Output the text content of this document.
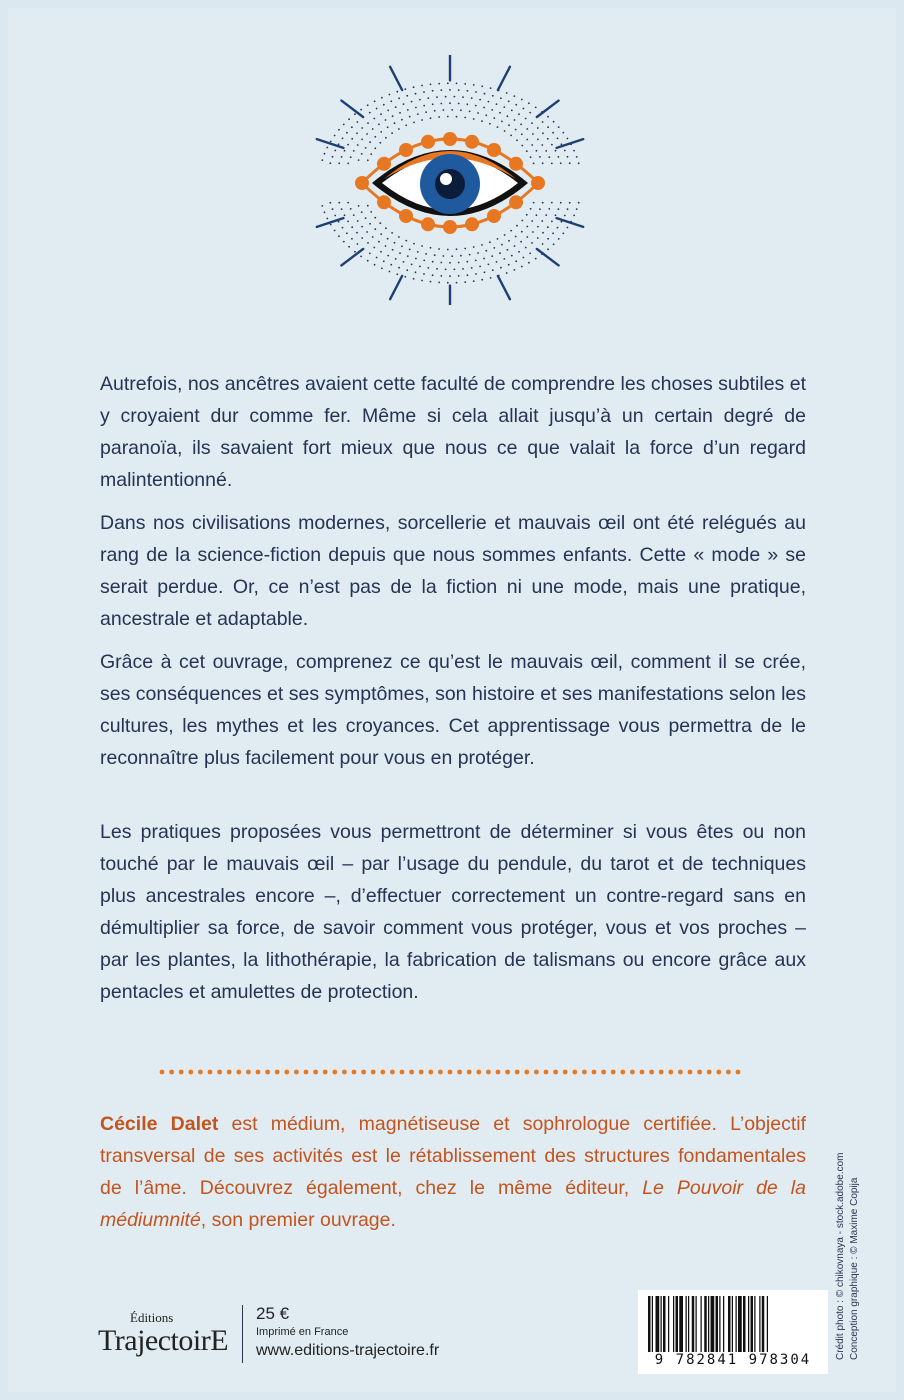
Autrefois, nos ancêtres avaient cette faculté de comprendre les choses subtiles et y croyaient dur comme fer. Même si cela allait jusqu’à un certain degré de paranoïa, ils savaient fort mieux que nous ce que valait la force d’un regard malintentionné.

Dans nos civilisations modernes, sorcellerie et mauvais œil ont été relégués au rang de la science-fiction depuis que nous sommes enfants. Cette « mode » se serait perdue. Or, ce n’est pas de la fiction ni une mode, mais une pratique, ancestrale et adaptable.

Grâce à cet ouvrage, comprenez ce qu’est le mauvais œil, comment il se crée, ses conséquences et ses symptômes, son histoire et ses manifestations selon les cultures, les mythes et les croyances. Cet apprentissage vous permettra de le reconnaître plus facilement pour vous en protéger.

Les pratiques proposées vous permettront de déterminer si vous êtes ou non touché par le mauvais œil – par l’usage du pendule, du tarot et de techniques plus ancestrales encore –, d’effectuer correctement un contre-regard sans en démultiplier sa force, de savoir comment vous protéger, vous et vos proches – par les plantes, la lithothérapie, la fabrication de talismans ou encore grâce aux pentacles et amulettes de protection.

Cécile Dalet est médium, magnétiseuse et sophrologue certifiée. L’objectif transversal de ses activités est le rétablissement des structures fondamentales de l’âme. Découvrez également, chez le même éditeur, Le Pouvoir de la médiumnité, son premier ouvrage.	Crédit photo : © chikovnaya - stock.adobe.com Conception graphique : © Maxime Copija
Éditions
TrajectoirE
25 €
Imprimé en France
www.editions-trajectoire.fr
9 782841 978304
